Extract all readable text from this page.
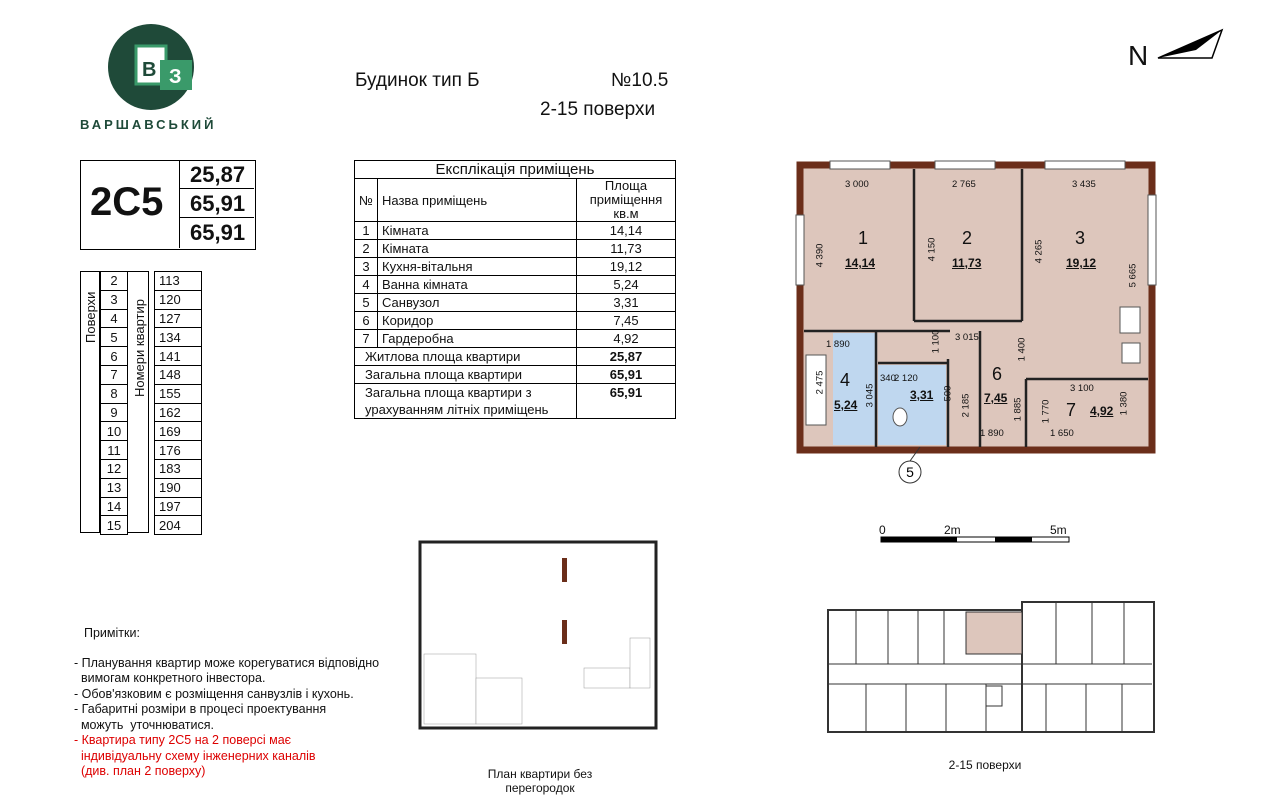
В З
ВАРШАВСЬКИЙ
Будинок тип Б	№10.5
2-15 поверхи
N
2С5
25,87
65,91
65,91
Поверхи	Номери квартир
2		113
3		120
4		127
5		134
6		141
7		148
8		155
9		162
10		169
11		176
12		183
13		190
14		197
15		204
Експлікація приміщень		
№	Назва приміщень	Площа приміщення кв.м
1	Кімната	14,14
2	Кімната	11,73
3	Кухня-вітальня	19,12
4	Ванна кімната	5,24
5	Санвузол	3,31
6	Коридор	7,45
7	Гардеробна	4,92
Житлова площа квартири		25,87
Загальна площа квартири		65,91
Загальна площа квартири з урахуванням літніх приміщень		65,91
5
1
14,14
2
11,73
3
19,12
4
5,24
3,31
6
7,45
7 4,92
3 000	2 765	3 435
4 390	4 150	4 265
5 665
1 890
3 015
1 100	1 400
2 475	2 120
340
3 045	500
2 185	1 885
1 890
3 100
1 770	1 380
1 650
0	2m	5m
План квартири без перегородок
2-15 поверхи

Примітки:

- Планування квартир може корегуватися відповідно

вимогам конкретного інвестора.

- Обов'язковим є розміщення санвузлів і кухонь.

- Габаритні розміри в процесі проектування

можуть  уточнюватися.

- Квартира типу 2С5 на 2 поверсі має

індивідуальну схему інженерних каналів

(див. план 2 поверху)
